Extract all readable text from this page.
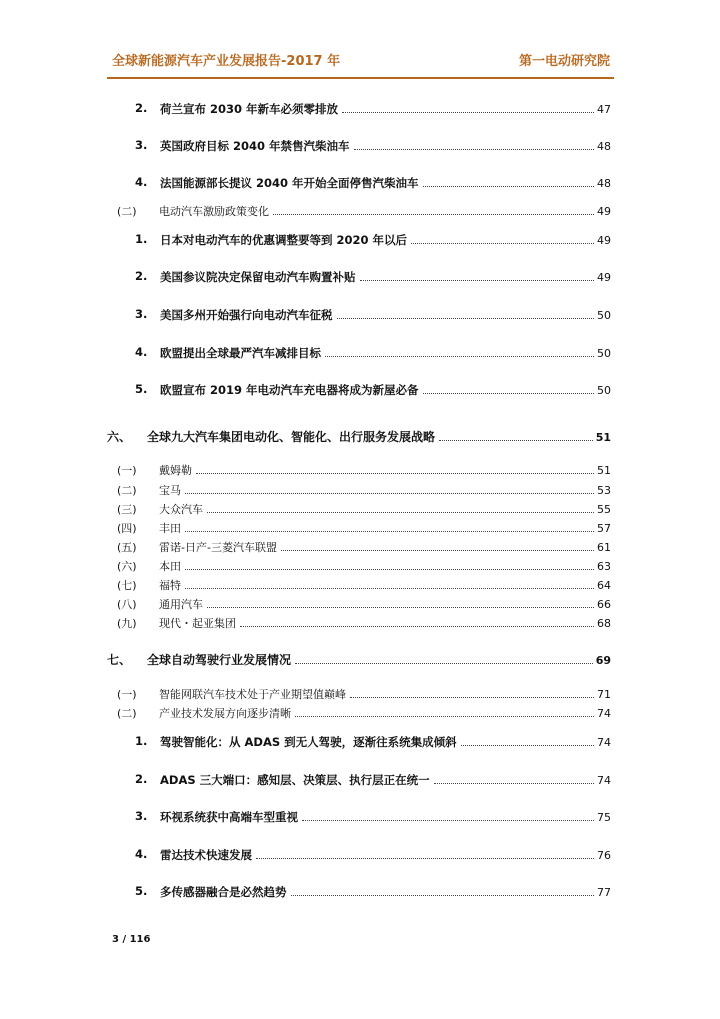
全球新能源汽车产业发展报告-2017 年	第一电动研究院
2. 荷兰宣布 2030 年新车必须零排放	47
3. 英国政府目标 2040 年禁售汽柴油车	48
4. 法国能源部长提议 2040 年开始全面停售汽柴油车	48
(二) 电动汽车激励政策变化	49
1. 日本对电动汽车的优惠调整要等到 2020 年以后	49
2. 美国参议院决定保留电动汽车购置补贴	49
3. 美国多州开始强行向电动汽车征税	50
4. 欧盟提出全球最严汽车减排目标	50
5. 欧盟宣布 2019 年电动汽车充电器将成为新屋必备	50
六、 全球九大汽车集团电动化、智能化、出行服务发展战略	51
(一) 戴姆勒	51
(二) 宝马	53
(三) 大众汽车	55
(四) 丰田	57
(五) 雷诺-日产-三菱汽车联盟	61
(六) 本田	63
(七) 福特	64
(八) 通用汽车	66
(九) 现代・起亚集团	68
七、 全球自动驾驶行业发展情况	69
(一) 智能网联汽车技术处于产业期望值巅峰	71
(二) 产业技术发展方向逐步清晰	74
1. 驾驶智能化：从 ADAS 到无人驾驶，逐渐往系统集成倾斜	74
2. ADAS 三大端口：感知层、决策层、执行层正在统一	74
3. 环视系统获中高端车型重视	75
4. 雷达技术快速发展	76
5. 多传感器融合是必然趋势	77
3 / 116
